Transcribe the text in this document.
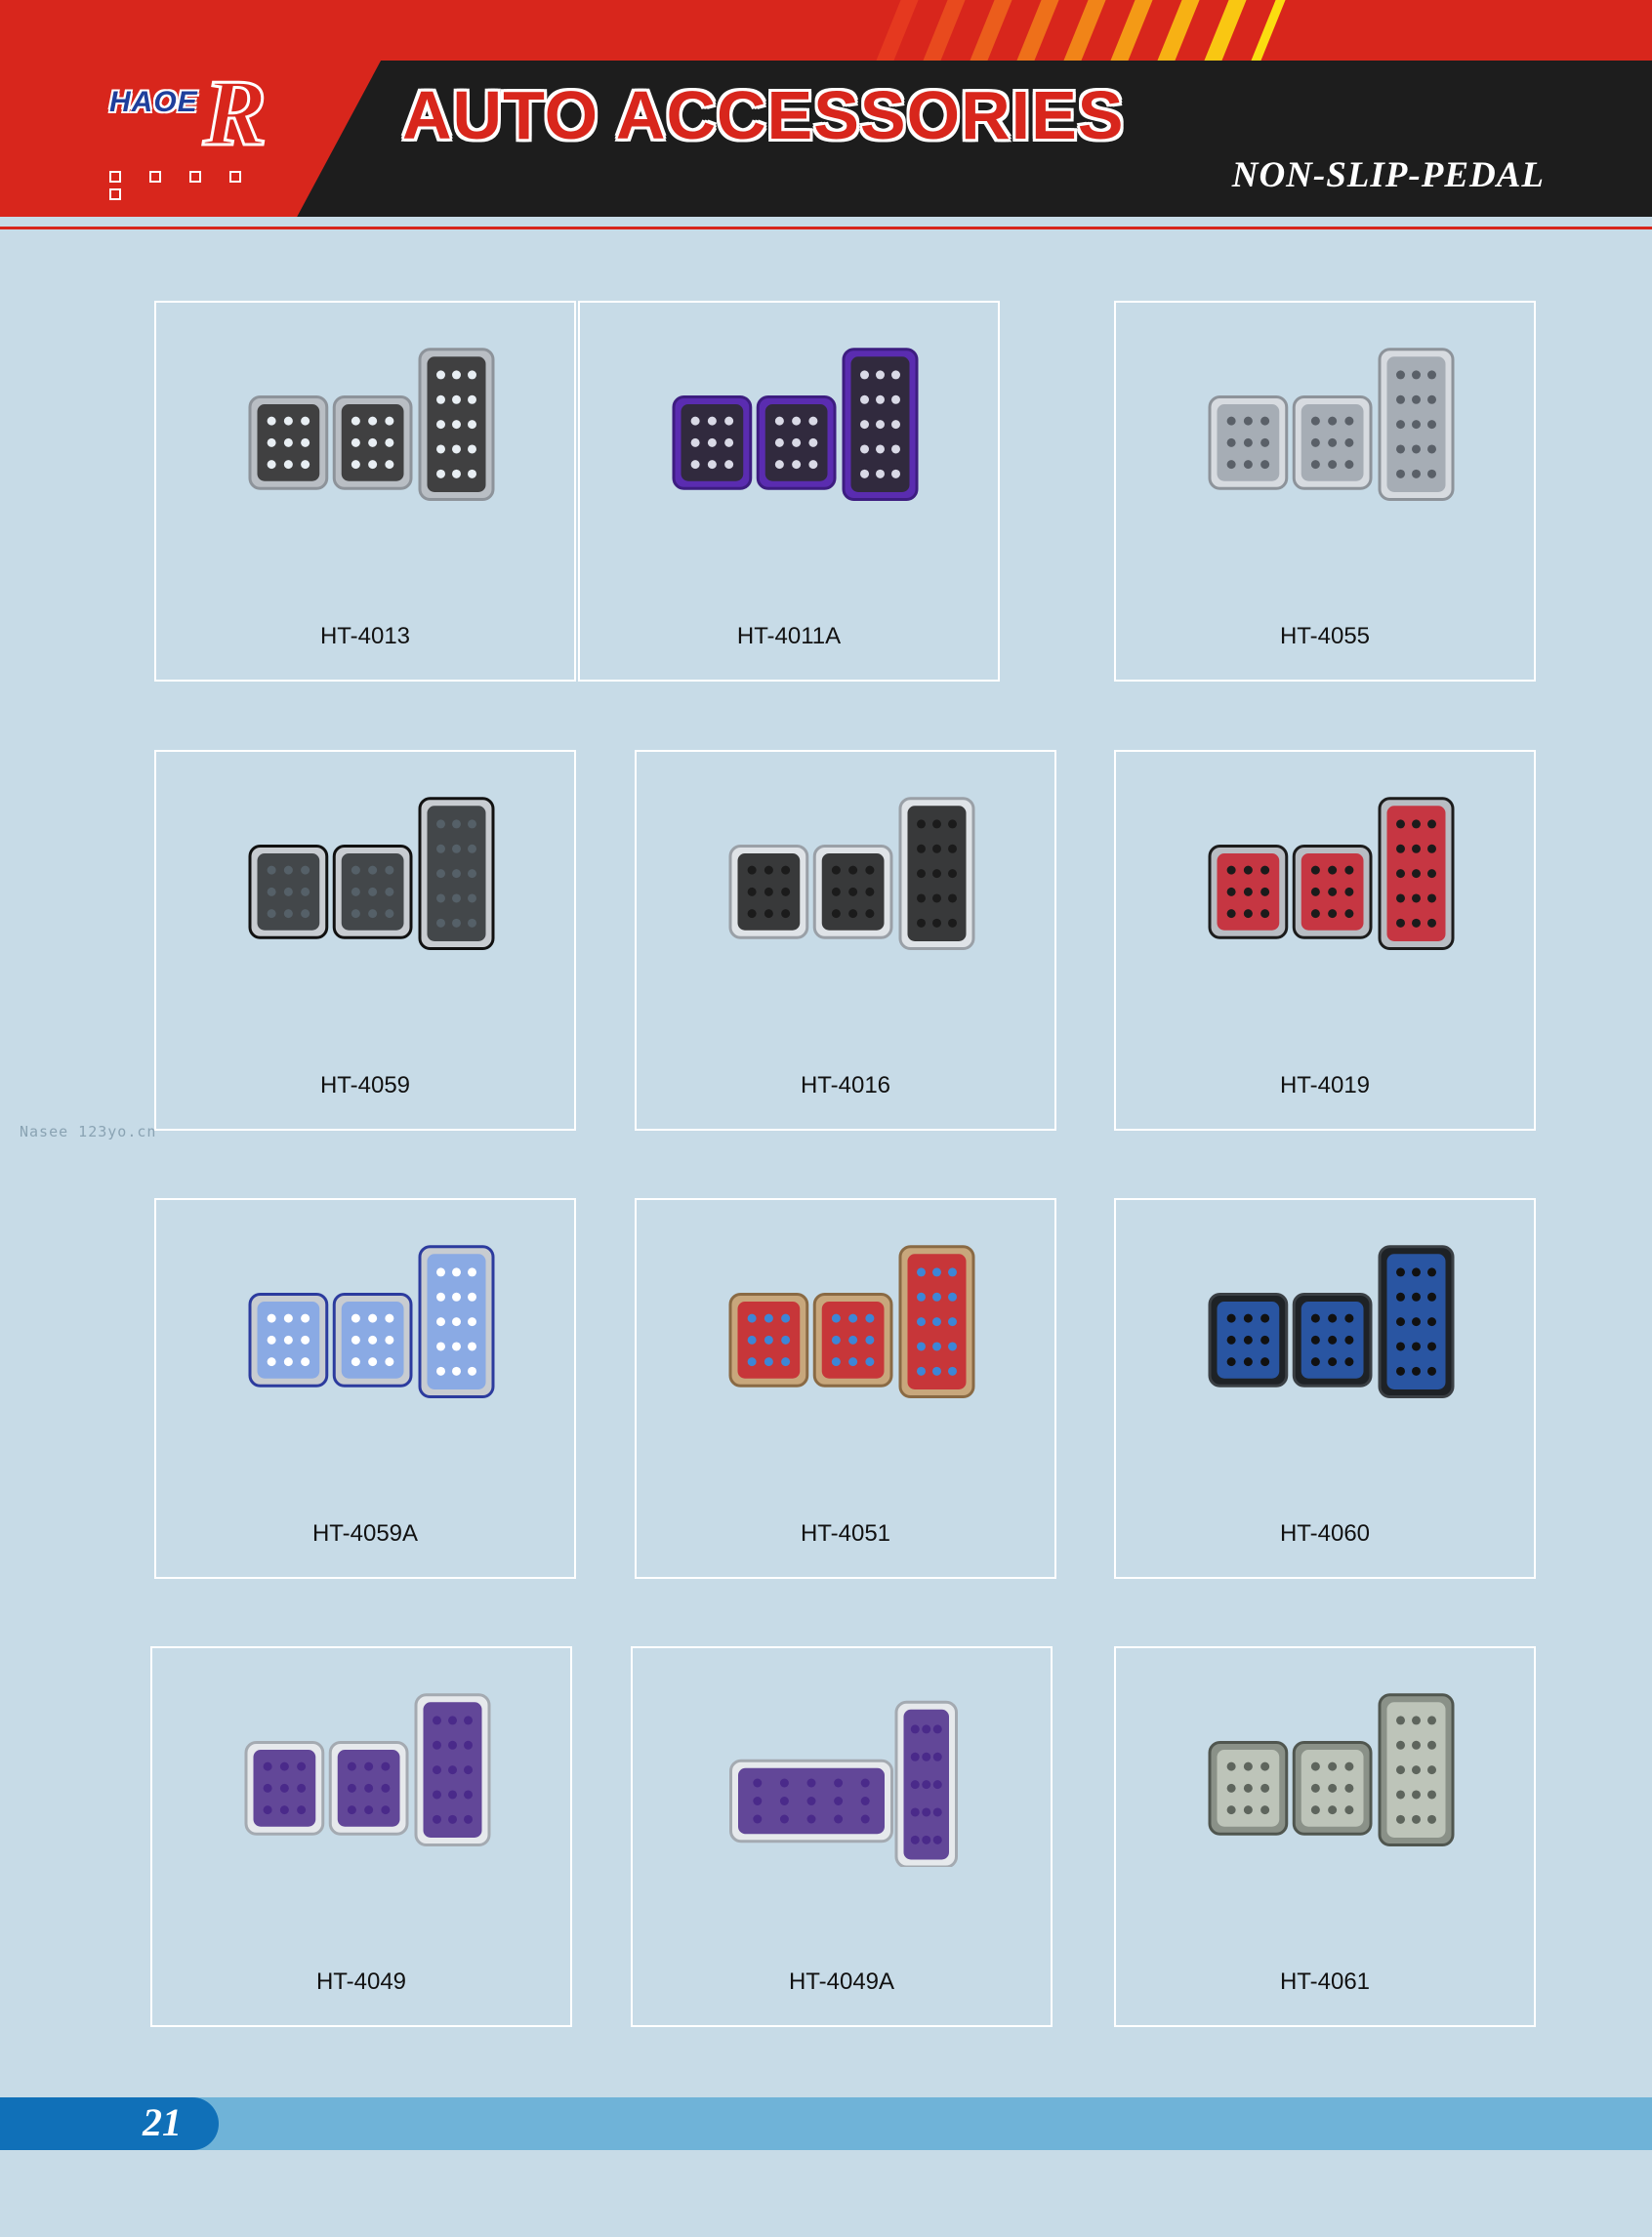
R
HAOE	AUTO ACCESSORIES
NON-SLIP-PEDAL
HT-4013	HT-4011A	HT-4055
HT-4059	HT-4016	HT-4019
HT-4059A	HT-4051	HT-4060
HT-4049	HT-4049A	HT-4061
Nasee 123yo.cn
21
